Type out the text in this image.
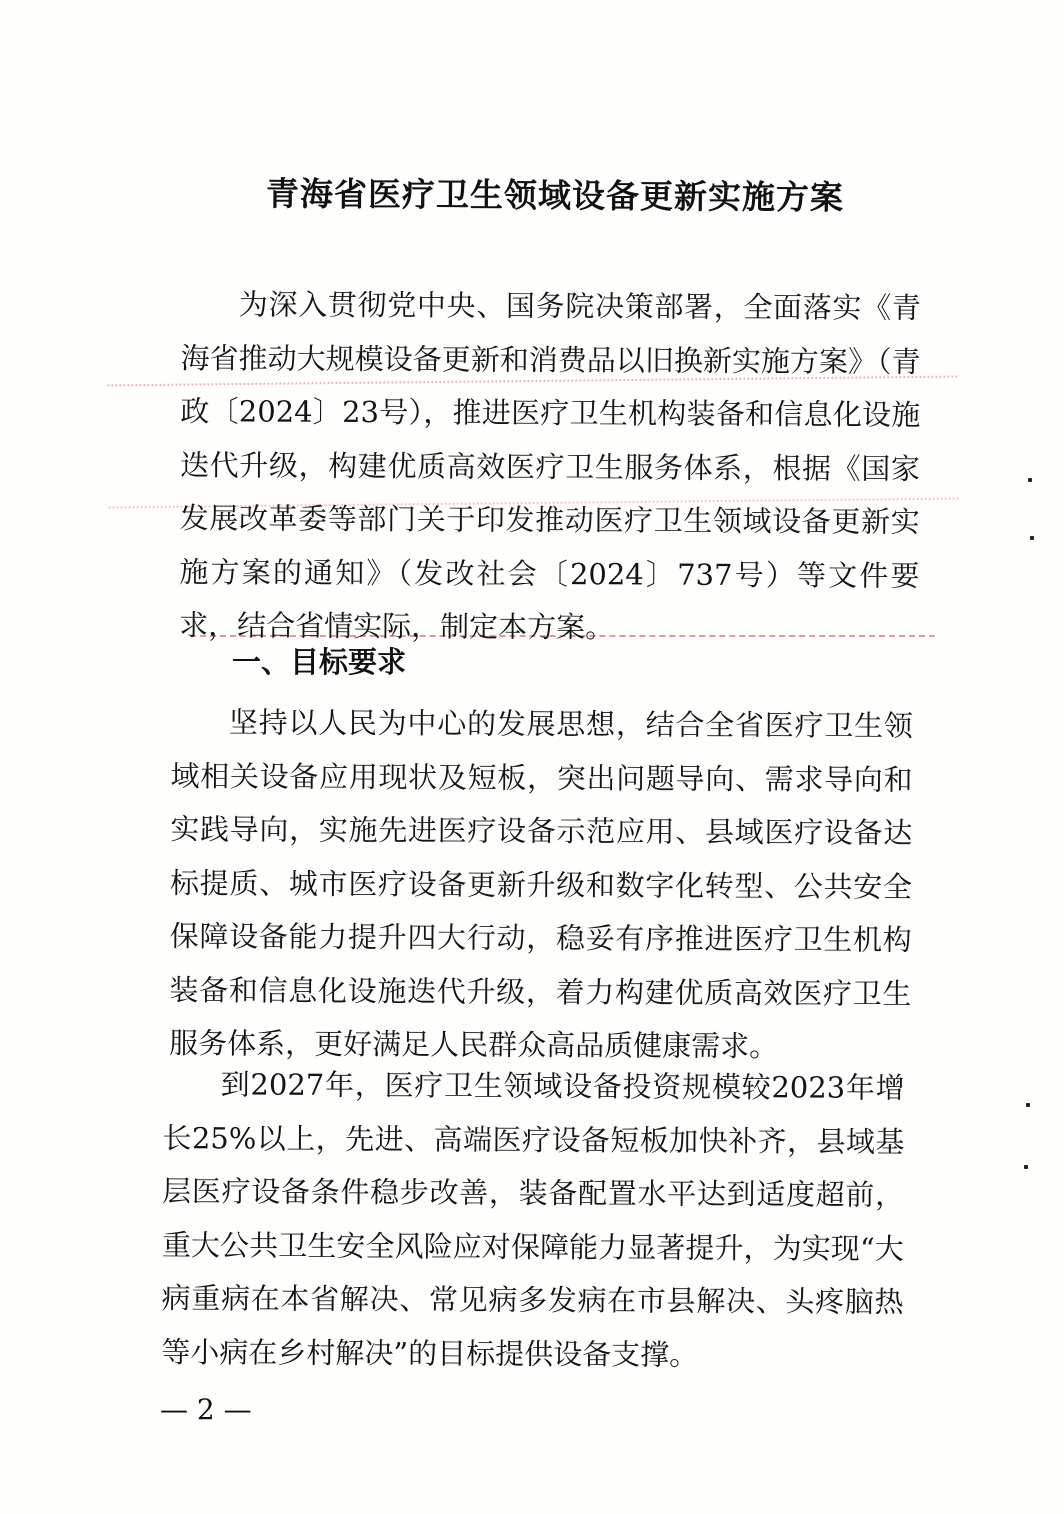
青海省医疗卫生领域设备更新实施方案
为深入贯彻党中央、国务院决策部署，全面落实《青海省推动大规模设备更新和消费品以旧换新实施方案》（青政〔2024〕23号），推进医疗卫生机构装备和信息化设施迭代升级，构建优质高效医疗卫生服务体系，根据《国家发展改革委等部门关于印发推动医疗卫生领域设备更新实施方案的通知》（发改社会〔2024〕737号）等文件要求，结合省情实际，制定本方案。
一、目标要求
坚持以人民为中心的发展思想，结合全省医疗卫生领域相关设备应用现状及短板，突出问题导向、需求导向和实践导向，实施先进医疗设备示范应用、县域医疗设备达标提质、城市医疗设备更新升级和数字化转型、公共安全保障设备能力提升四大行动，稳妥有序推进医疗卫生机构装备和信息化设施迭代升级，着力构建优质高效医疗卫生服务体系，更好满足人民群众高品质健康需求。
到2027年，医疗卫生领域设备投资规模较2023年增长25%以上，先进、高端医疗设备短板加快补齐，县域基层医疗设备条件稳步改善，装备配置水平达到适度超前，重大公共卫生安全风险应对保障能力显著提升，为实现“大病重病在本省解决、常见病多发病在市县解决、头疼脑热等小病在乡村解决”的目标提供设备支撑。
— 2 —
